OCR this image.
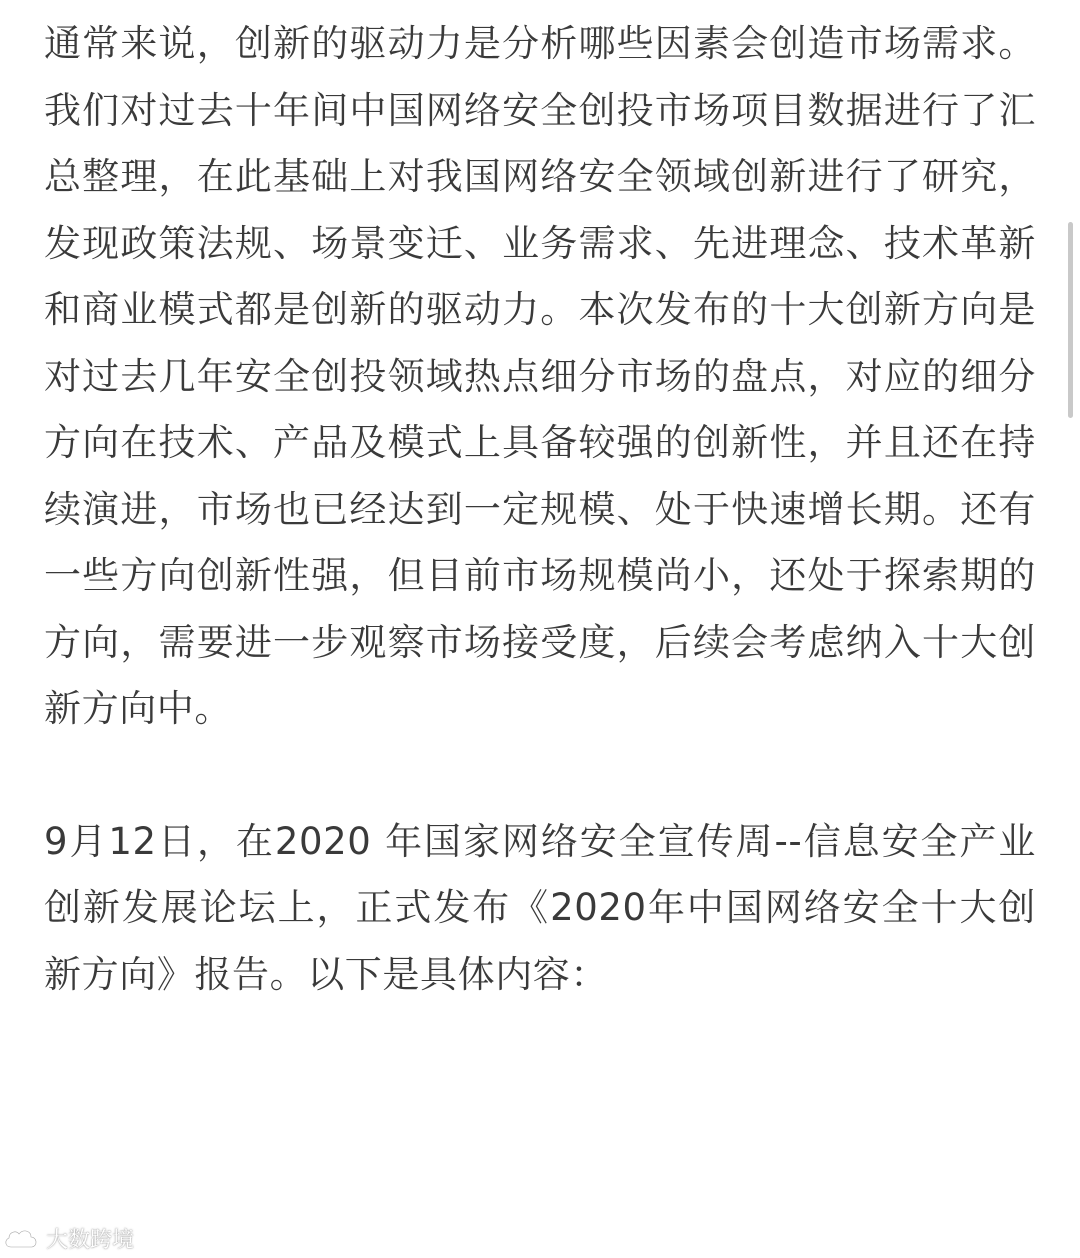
通常来说，创新的驱动力是分析哪些因素会创造市场需求。我们对过去十年间中国网络安全创投市场项目数据进行了汇总整理，在此基础上对我国网络安全领域创新进行了研究，发现政策法规、场景变迁、业务需求、先进理念、技术革新和商业模式都是创新的驱动力。本次发布的十大创新方向是对过去几年安全创投领域热点细分市场的盘点，对应的细分方向在技术、产品及模式上具备较强的创新性，并且还在持续演进，市场也已经达到一定规模、处于快速增长期。还有一些方向创新性强，但目前市场规模尚小，还处于探索期的方向，需要进一步观察市场接受度，后续会考虑纳入十大创新方向中。

9月12日，在2020 年国家网络安全宣传周--信息安全产业创新发展论坛上，正式发布《2020年中国网络安全十大创新方向》报告。以下是具体内容：

大数跨境
